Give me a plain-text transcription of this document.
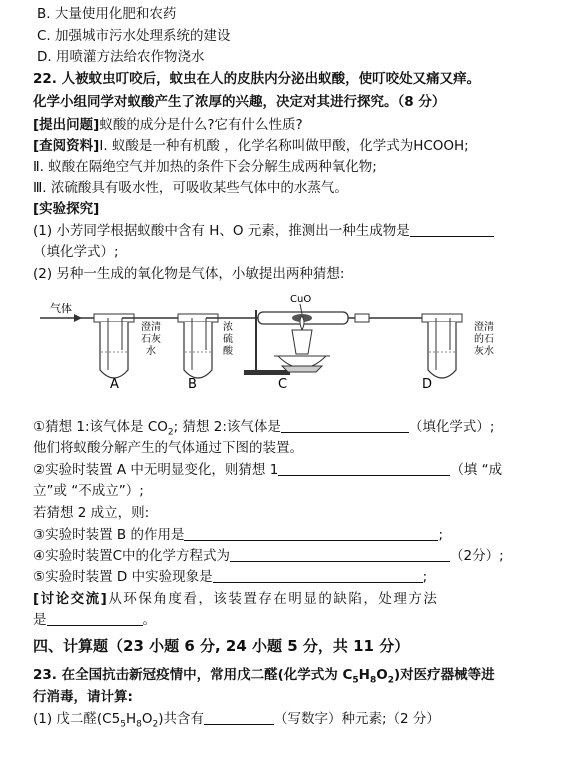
B. 大量使用化肥和农药
C. 加强城市污水处理系统的建设
D. 用喷灌方法给农作物浇水
22. 人被蚊虫叮咬后，蚊虫在人的皮肤内分泌出蚁酸，使叮咬处又痛又痒。
化学小组同学对蚁酸产生了浓厚的兴趣，决定对其进行探究。（8 分）
[提出问题]蚁酸的成分是什么?它有什么性质?
[查阅资料]Ⅰ. 蚁酸是一种有机酸 ，化学名称叫做甲酸，化学式为HCOOH;
Ⅱ. 蚁酸在隔绝空气并加热的条件下会分解生成两种氧化物;
Ⅲ. 浓硫酸具有吸水性，可吸收某些气体中的水蒸气。
[实验探究]
(1) 小芳同学根据蚁酸中含有 H、O 元素，推测出一种生成物是
（填化学式）;
(2) 另种一生成的氧化物是气体，小敏提出两种猜想:
气体
澄清石灰水
浓硫酸
CuO
澄清的石灰水
A	B	C	D
①猜想 1:该气体是 $CO_2$; 猜想 2:该气体是	（填化学式）;
他们将蚁酸分解产生的气体通过下图的装置。
②实验时装置 A 中无明显变化，则猜想 1	（填 “成
立”或 “不成立”）;
若猜想 2 成立，则:
③实验时装置 B 的作用是	;
④实验时装置C中的化学方程式为	（2分）;
⑤实验时装置 D 中实验现象是	;
[讨论交流]从环保角度看，该装置存在明显的缺陷，处理方法
是	。
四、计算题（23 小题 6 分, 24 小题 5 分，共 11 分）
23. 在全国抗击新冠疫情中，常用戊二醛(化学式为 $C_5H_8O_2$)对医疗器械等进
行消毒，请计算:
(1) 戊二醛$(C5_5H_8O_2)$共含有	（写数字）种元素;（2 分）
